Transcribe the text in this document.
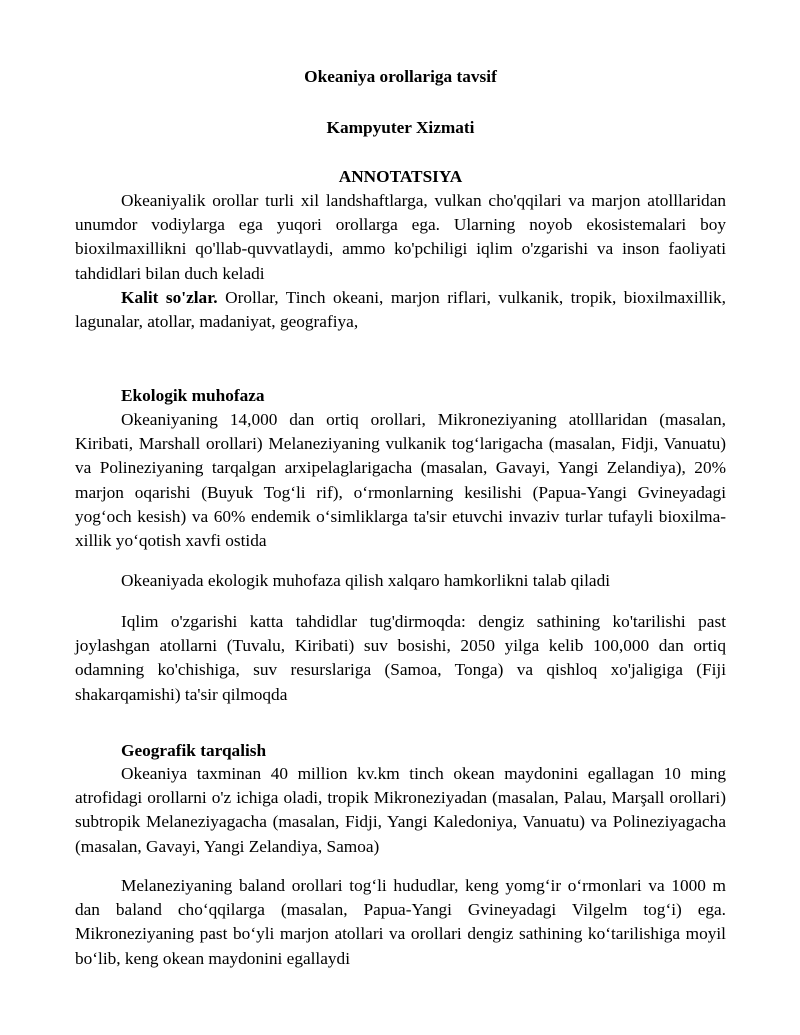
Okeaniya orollariga tavsif

Kampyuter Xizmati

ANNOTATSIYA

Okeaniyalik orollar turli xil landshaftlarga, vulkan cho'qqilari va marjon atolllaridan unumdor vodiylarga ega yuqori orollarga ega. Ularning noyob ekosistemalari boy bioxilmaxillikni qo'llab-quvvatlaydi, ammo ko'pchiligi iqlim o'zgarishi va inson faoliyati tahdidlari bilan duch keladi

Kalit so'zlar. Orollar, Tinch okeani, marjon riflari, vulkanik, tropik, bioxilmaxillik, lagunalar, atollar, madaniyat, geografiya,

Ekologik muhofaza

Okeaniyaning 14,000 dan ortiq orollari, Mikroneziyaning atolllaridan (masalan, Kiribati, Marshall orollari) Melaneziyaning vulkanik tog‘larigacha (masalan, Fidji, Vanuatu) va Polineziyaning tarqalgan arxipelaglarigacha (masalan, Gavayi, Yangi Zelandiya), 20% marjon oqarishi (Buyuk Tog‘li rif), o‘rmonlarning kesilishi (Papua-Yangi Gvineyadagi yog‘och kesish) va 60% endemik o‘simliklarga ta'sir etuvchi invaziv turlar tufayli bioxilma-xillik yo‘qotish xavfi ostida

Okeaniyada ekologik muhofaza qilish xalqaro hamkorlikni talab qiladi

Iqlim o'zgarishi katta tahdidlar tug'dirmoqda: dengiz sathining ko'tarilishi past joylashgan atollarni (Tuvalu, Kiribati) suv bosishi, 2050 yilga kelib 100,000 dan ortiq odamning ko'chishiga, suv resurslariga (Samoa, Tonga) va qishloq xo'jaligiga (Fiji shakarqamishi) ta'sir qilmoqda

Geografik tarqalish

Okeaniya taxminan 40 million kv.km tinch okean maydonini egallagan 10 ming atrofidagi orollarni o'z ichiga oladi, tropik Mikroneziyadan (masalan, Palau, Marşall orollari) subtropik Melaneziyagacha (masalan, Fidji, Yangi Kaledoniya, Vanuatu) va Polineziyagacha (masalan, Gavayi, Yangi Zelandiya, Samoa)

Melaneziyaning baland orollari tog‘li hududlar, keng yomg‘ir o‘rmonlari va 1000 m dan baland cho‘qqilarga (masalan, Papua-Yangi Gvineyadagi Vilgelm tog‘i) ega. Mikroneziyaning past bo‘yli marjon atollari va orollari dengiz sathining ko‘tarilishiga moyil bo‘lib, keng okean maydonini egallaydi
